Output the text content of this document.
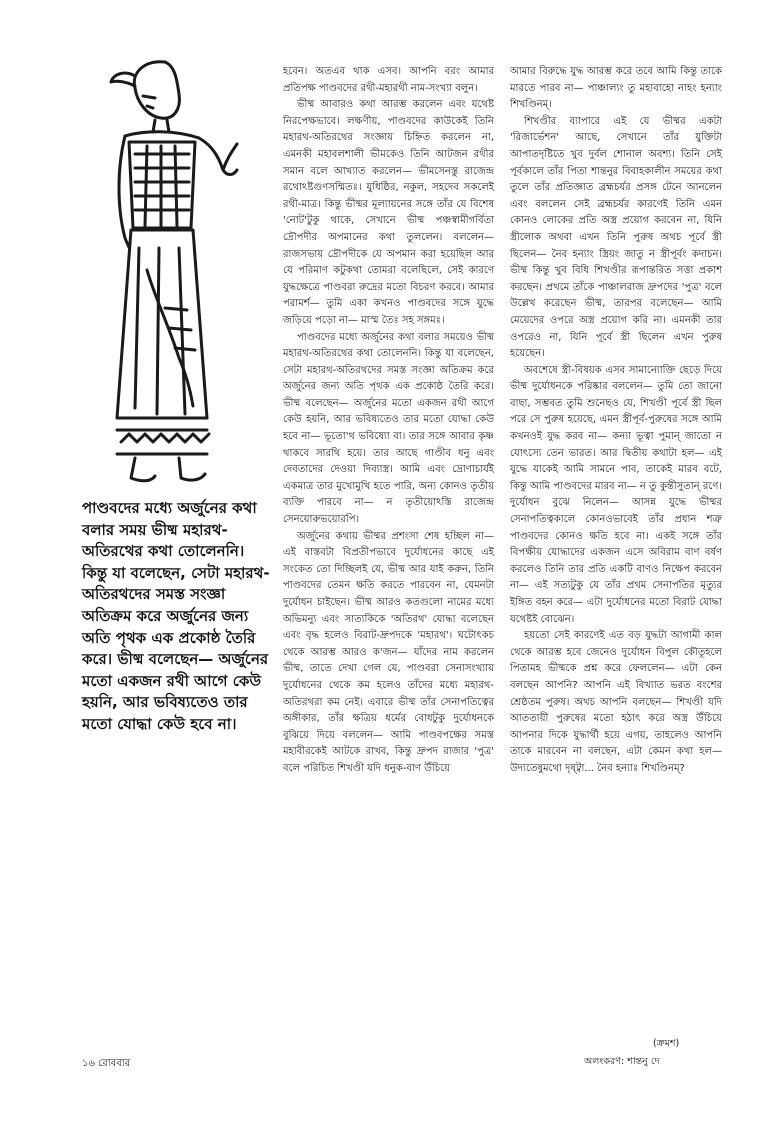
পাণ্ডবদের মধ্যে অর্জুনের কথা বলার সময় ভীষ্ম মহারথ-অতিরথের কথা তোলেননি। কিন্তু যা বলেছেন, সেটা মহারথ-অতিরথদের সমস্ত সংজ্ঞা অতিক্রম করে অর্জুনের জন্য অতি পৃথক এক প্রকোষ্ঠ তৈরি করে। ভীষ্ম বলেছেন— অর্জুনের মতো একজন রথী আগে কেউ হয়নি, আর ভবিষ্যতেও তার মতো যোদ্ধা কেউ হবে না।

হবেন। অতএব থাক এসব। আপনি বরং আমার প্রতিপক্ষ পাণ্ডবদের রথী-মহারথী নাম-সংখ্যা বলুন।

ভীষ্ম আবারও কথা আরম্ভ করলেন এবং যথেষ্ট নিরপেক্ষভাবে। লক্ষণীয়, পাণ্ডবদের কাউকেই তিনি মহারথ-অতিরথের সংজ্ঞায় চিহ্নিত করলেন না, এমনকী মহাবলশালী ভীমকেও তিনি আটজন রথীর সমান বলে আখ্যাত করলেন— ভীমসেনস্তু রাজেন্দ্র রথোঽষ্টগুণসম্মিতঃ। যুধিষ্ঠির, নকুল, সহদেব সকলেই রথী-মাত্র। কিন্তু ভীষ্মর মূল্যায়নের সঙ্গে তাঁর যে বিশেষ 'নোট'টুকু থাকে, সেখানে ভীষ্ম পঞ্চস্বামীগর্বিতা দ্রৌপদীর অপমানের কথা তুললেন। বললেন— রাজসভায় দ্রৌপদীকে যে অপমান করা হয়েছিল আর যে পরিমাণ কটুকথা তোমরা বলেছিলে, সেই কারণে যুদ্ধক্ষেত্রে পাণ্ডবরা রুদ্রের মতো বিচরণ করবে। আমার পরামর্শ— তুমি একা কখনও পাণ্ডবদের সঙ্গে যুদ্ধে জড়িয়ে পড়ো না— মাস্ম তৈঃ সহ সঙ্গমঃ।

পাণ্ডবদের মধ্যে অর্জুনের কথা বলার সময়েও ভীষ্ম মহারথ-অতিরথের কথা তোলেননি। কিন্তু যা বলেছেন, সেটা মহারথ-অতিরথদের সমস্ত সংজ্ঞা অতিক্রম করে অর্জুনের জন্য অতি পৃথক এক প্রকোষ্ঠ তৈরি করে। ভীষ্ম বলেছেন— অর্জুনের মতো একজন রথী আগে কেউ হয়নি, আর ভবিষ্যতেও তার মতো যোদ্ধা কেউ হবে না— ভূতো'থ ভবিষ্যো বা। তার সঙ্গে আবার কৃষ্ণ থাকবে সারথি হয়ে। তার আছে গাণ্ডীব ধনু এবং দেবতাদের দেওয়া দিব্যাস্ত্র। আমি এবং দ্রোণাচার্যই একমাত্র তার মুখোমুখি হতে পারি, অন্য কোনও তৃতীয় ব্যক্তি পারবে না— ন তৃতীয়োঽস্তি রাজেন্দ্র সেনয়োরুভয়োরপি।

অর্জুনের কথায় ভীষ্মর প্রশংসা শেষ হচ্ছিল না— এই বাস্তবটা বিপ্রতীপভাবে দুর্যোধনের কাছে এই সংকেত তো দিচ্ছিলই যে, ভীষ্ম আর যাই করুন, তিনি পাণ্ডবদের তেমন ক্ষতি করতে পারবেন না, যেমনটা দুর্যোধন চাইছেন। ভীষ্ম আরও কতগুলো নামের মধ্যে অভিমন্যু এবং সাত্যকিকে 'অতিরথ' যোদ্ধা বলেছেন এবং বৃদ্ধ হলেও বিরাট-দ্রুপদকে 'মহারথ'। ঘটোৎকচ থেকে আরম্ভ আরও ক'জন— যাঁদের নাম করলেন ভীষ্ম, তাতে দেখা গেল যে, পাণ্ডবরা সেনাসংখ্যায় দুর্যোধনের থেকে কম হলেও তাঁদের মধ্যে মহারথ-অতিরথরা কম নেই। এবারে ভীষ্ম তাঁর সেনাপতিত্বের অঙ্গীকার, তাঁর ক্ষত্রিয় ধর্মের বোধটুকু দুর্যোধনকে বুঝিয়ে দিয়ে বললেন— আমি পাণ্ডবপক্ষের সমস্ত মহাবীরকেই আটকে রাখব, কিন্তু দ্রুপদ রাজার 'পুত্র' বলে পরিচিত শিখণ্ডী যদি ধনুক-বাণ উঁচিয়ে

আমার বিরুদ্ধে যুদ্ধ আরম্ভ করে তবে আমি কিন্তু তাকে মারতে পারব না— পাঞ্চাল্যং তু মহাবাহো নাহং হন্যাং শিখণ্ডিনম্‌।

শিখণ্ডীর ব্যাপারে এই যে ভীষ্মর একটা 'রিজার্ভেশন' আছে, সেখানে তাঁর যুক্তিটা আপাতদৃষ্টিতে খুব দুর্বল শোনাল অবশ্য। তিনি সেই পূর্বকালে তাঁর পিতা শান্তনুর বিবাহকালীন সময়ের কথা তুলে তাঁর প্রতিজ্ঞাত ব্রহ্মচর্যর প্রসঙ্গ টেনে আনলেন এবং বললেন সেই ব্রহ্মচর্যর কারণেই তিনি এমন কোনও লোকের প্রতি অস্ত্র প্রয়োগ করবেন না, যিনি স্ত্রীলোক অথবা এখন তিনি পুরুষ অথচ পূর্বে স্ত্রী ছিলেন— নৈব হন্যাং স্ত্রিয়ং জাতু ন স্ত্রীপূর্বং কদাচন। ভীষ্ম কিন্তু খুব বিধি শিখণ্ডীর রূপান্তরিত সত্তা প্রকাশ করছেন। প্রথমে তাঁকে পাঞ্চালরাজ দ্রুপদের 'পুত্র' বলে উল্লেখ করেছেন ভীষ্ম, তারপর বলেছেন— আমি মেয়েদের ওপরে অস্ত্র প্রয়োগ করি না। এমনকী তার ওপরেও না, যিনি পূর্বে স্ত্রী ছিলেন এখন পুরুষ হয়েছেন।

অবশেষে স্ত্রী-বিষয়ক এসব সামান্যোক্তি ছেড়ে দিয়ে ভীষ্ম দুর্যোধনকে পরিষ্কার বললেন— তুমি তো জানো বাছা, সম্ভবত তুমি শুনেছও যে, শিখণ্ডী পূর্বে স্ত্রী ছিল পরে সে পুরুষ হয়েছে, এমন স্ত্রীপূর্ব-পুরুষের সঙ্গে আমি কখনওই যুদ্ধ করব না— কন্যা ভূত্বা পুমান্ জাতো ন যোৎস্যে তেন ভারত। আর দ্বিতীয় কথাটা হল— এই যুদ্ধে যাকেই আমি সামনে পাব, তাকেই মারব বটে, কিন্তু আমি পাণ্ডবদের মারব না— ন তু কুন্তীসুতান্ রণে। দুর্যোধন বুঝে নিলেন— আসন্ন যুদ্ধে ভীষ্মর সেনাপতিত্বকালে কোনওভাবেই তাঁর প্রধান শত্রু পাণ্ডবদের কোনও ক্ষতি হবে না। একই সঙ্গে তাঁর বিপক্ষীয় যোদ্ধাদের একজন এসে অবিরাম বাণ বর্ষণ করলেও তিনি তার প্রতি একটি বাণও নিক্ষেপ করবেন না— এই সত্যটুকু যে তাঁর প্রথম সেনাপতির মৃত্যুর ইঙ্গিত বহন করে— এটা দুর্যোধনের মতো বিরাট যোদ্ধা যথেষ্টই বোঝেন।

হয়তো সেই কারণেই এত বড় যুদ্ধটা আগামী কাল থেকে আরম্ভ হবে জেনেও দুর্যোধন বিপুল কৌতূহলে পিতামহ ভীষ্মকে প্রশ্ন করে ফেললেন— এটা কেন বলছেন আপনি? আপনি এই বিখ্যাত ভরত বংশের শ্রেষ্ঠতম পুরুষ। অথচ আপনি বলছেন— শিখণ্ডী যদি আততায়ী পুরুষের মতো হঠাৎ করে অস্ত্র উঁচিয়ে আপনার দিকে যুদ্ধার্থী হয়ে এগয়, তাহলেও আপনি তাকে মারবেন না বলছেন, এটা কেমন কথা হল— উদ্যতেষুমথো দৃষ্ট্বা... নৈব হন্যাঃ শিখণ্ডিনম্‌?

(ক্রমশ)
অলংকরণ: শান্তনু দে
১৬ রোববার
